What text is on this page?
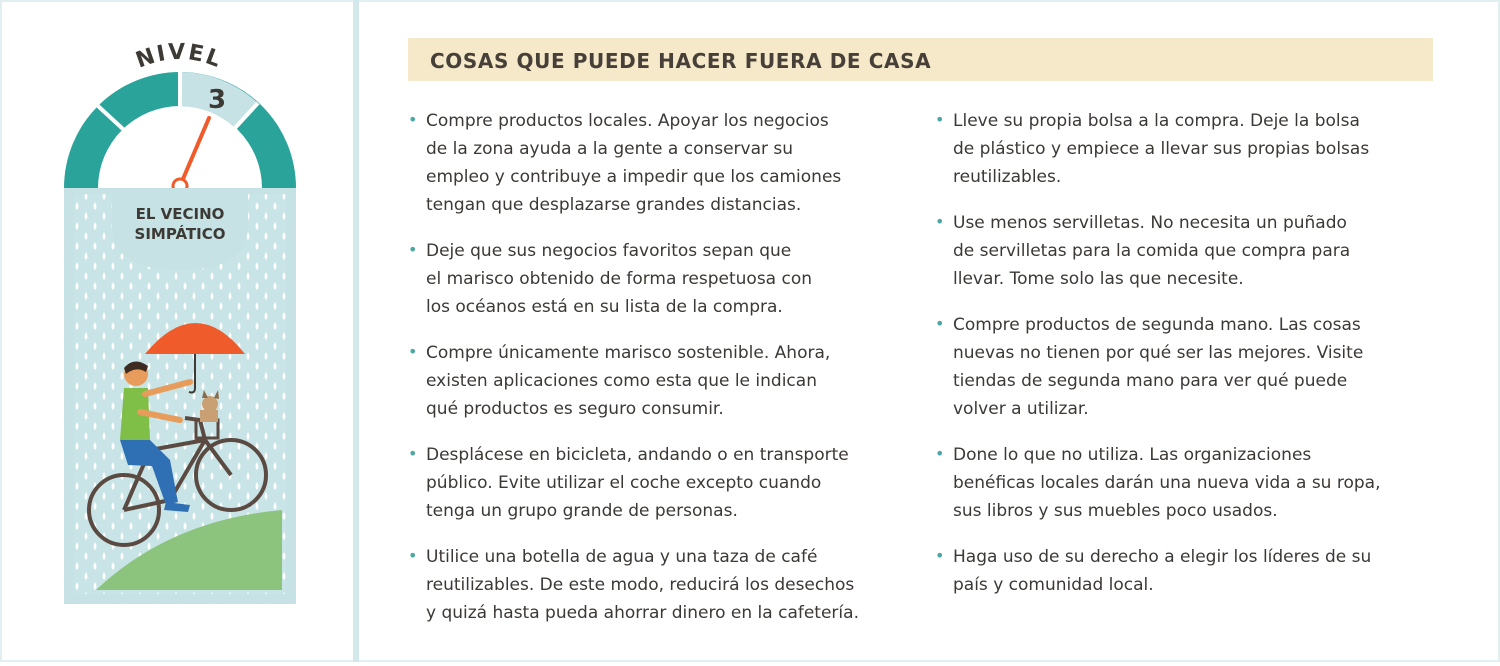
NIVEL
3
EL VECINO
SIMPÁTICO
COSAS QUE PUEDE HACER FUERA DE CASA
• Compre productos locales. Apoyar los negocios
de la zona ayuda a la gente a conservar su
empleo y contribuye a impedir que los camiones
tengan que desplazarse grandes distancias.
• Deje que sus negocios favoritos sepan que
el marisco obtenido de forma respetuosa con
los océanos está en su lista de la compra.
• Compre únicamente marisco sostenible. Ahora,
existen aplicaciones como esta que le indican
qué productos es seguro consumir.
• Desplácese en bicicleta, andando o en transporte
público. Evite utilizar el coche excepto cuando
tenga un grupo grande de personas.
• Utilice una botella de agua y una taza de café
reutilizables. De este modo, reducirá los desechos
y quizá hasta pueda ahorrar dinero en la cafetería.
• Lleve su propia bolsa a la compra. Deje la bolsa
de plástico y empiece a llevar sus propias bolsas
reutilizables.
• Use menos servilletas. No necesita un puñado
de servilletas para la comida que compra para
llevar. Tome solo las que necesite.
• Compre productos de segunda mano. Las cosas
nuevas no tienen por qué ser las mejores. Visite
tiendas de segunda mano para ver qué puede
volver a utilizar.
• Done lo que no utiliza. Las organizaciones
benéficas locales darán una nueva vida a su ropa,
sus libros y sus muebles poco usados.
• Haga uso de su derecho a elegir los líderes de su
país y comunidad local.
